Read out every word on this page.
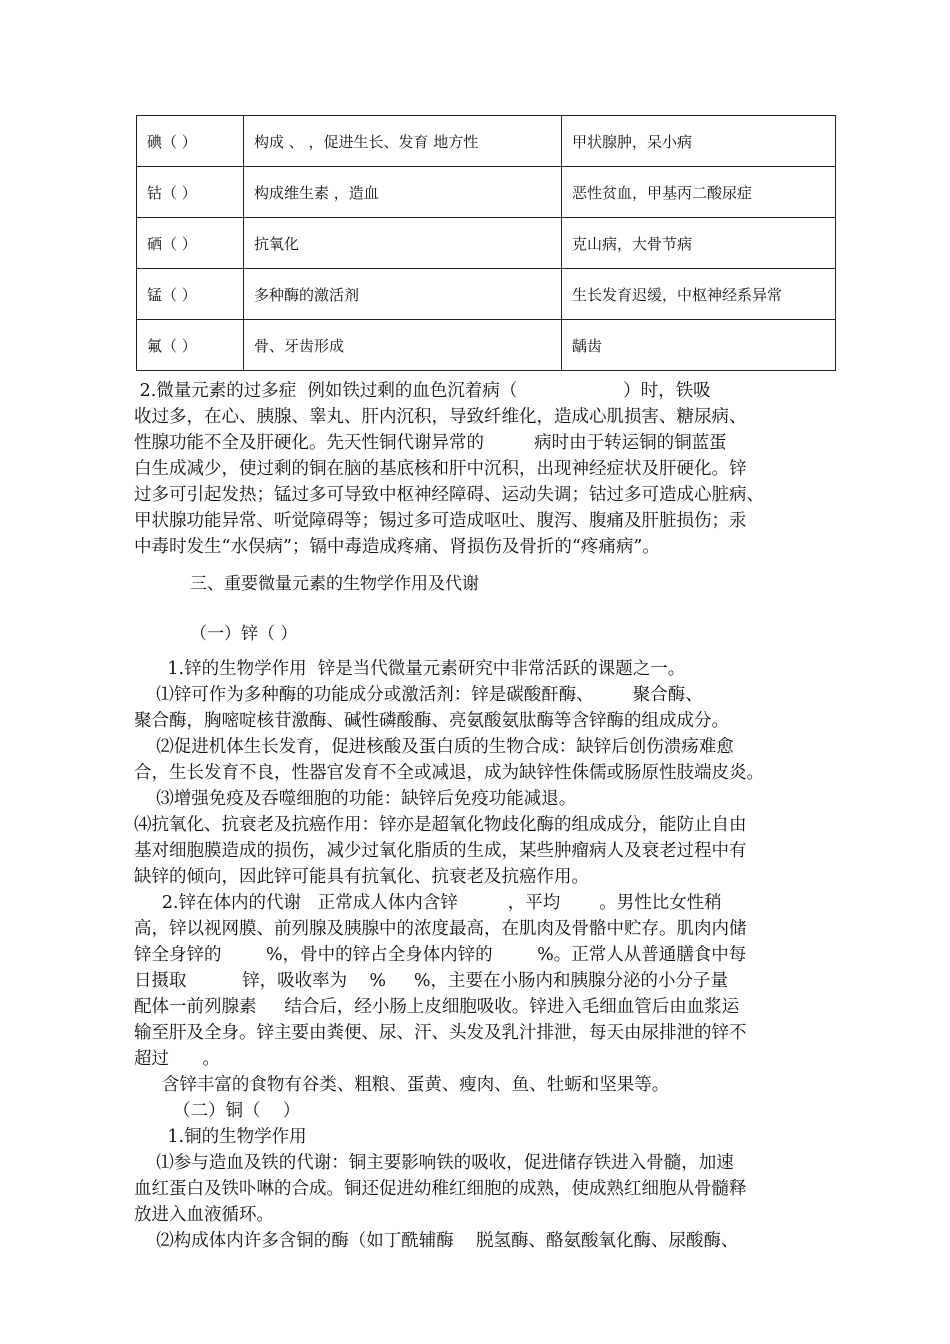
碘（ ）	构成 、 ，促进生长、发育 地方性	甲状腺肿，呆小病
钴（ ）	构成维生素 ，造血	恶性贫血，甲基丙二酸尿症
硒（ ）	抗氧化	克山病，大骨节病
锰（ ）	多种酶的激活剂	生长发育迟缓，中枢神经系异常
氟（ ）	骨、牙齿形成	龋齿
2.微量元素的过多症  例如铁过剩的血色沉着病（                   ）时，铁吸
收过多，在心、胰腺、睾丸、肝内沉积，导致纤维化，造成心肌损害、糖尿病、
性腺功能不全及肝硬化。先天性铜代谢异常的         病时由于转运铜的铜蓝蛋
白生成减少，使过剩的铜在脑的基底核和肝中沉积，出现神经症状及肝硬化。锌
过多可引起发热；锰过多可导致中枢神经障碍、运动失调；钴过多可造成心脏病、
甲状腺功能异常、听觉障碍等；锡过多可造成呕吐、腹泻、腹痛及肝脏损伤；汞
中毒时发生“水俣病”；镉中毒造成疼痛、肾损伤及骨折的“疼痛病”。
三、重要微量元素的生物学作用及代谢
（一）锌（ ）
1.锌的生物学作用  锌是当代微量元素研究中非常活跃的课题之一。
⑴锌可作为多种酶的功能成分或激活剂：锌是碳酸酐酶、       聚合酶、
聚合酶，胸嘧啶核苷激酶、碱性磷酸酶、亮氨酸氨肽酶等含锌酶的组成成分。
⑵促进机体生长发育，促进核酸及蛋白质的生物合成：缺锌后创伤溃疡难愈
合，生长发育不良，性器官发育不全或减退，成为缺锌性侏儒或肠原性肢端皮炎。
⑶增强免疫及吞噬细胞的功能：缺锌后免疫功能减退。
⑷抗氧化、抗衰老及抗癌作用：锌亦是超氧化物歧化酶的组成成分，能防止自由
基对细胞膜造成的损伤，减少过氧化脂质的生成，某些肿瘤病人及衰老过程中有
缺锌的倾向，因此锌可能具有抗氧化、抗衰老及抗癌作用。
2.锌在体内的代谢   正常成人体内含锌         ，平均       。男性比女性稍
高，锌以视网膜、前列腺及胰腺中的浓度最高，在肌肉及骨骼中贮存。肌肉内储
锌全身锌的        %，骨中的锌占全身体内锌的        %。正常人从普通膳食中每
日摄取          锌，吸收率为    %     %，主要在小肠内和胰腺分泌的小分子量
配体一前列腺素     结合后，经小肠上皮细胞吸收。锌进入毛细血管后由血浆运
输至肝及全身。锌主要由粪便、尿、汗、头发及乳汁排泄，每天由尿排泄的锌不
超过      。
含锌丰富的食物有谷类、粗粮、蛋黄、瘦肉、鱼、牡蛎和坚果等。
（二）铜（    ）
1.铜的生物学作用
⑴参与造血及铁的代谢：铜主要影响铁的吸收，促进储存铁进入骨髓，加速
血红蛋白及铁卟啉的合成。铜还促进幼稚红细胞的成熟，使成熟红细胞从骨髓释
放进入血液循环。
⑵构成体内许多含铜的酶（如丁酰辅酶    脱氢酶、酪氨酸氧化酶、尿酸酶、
